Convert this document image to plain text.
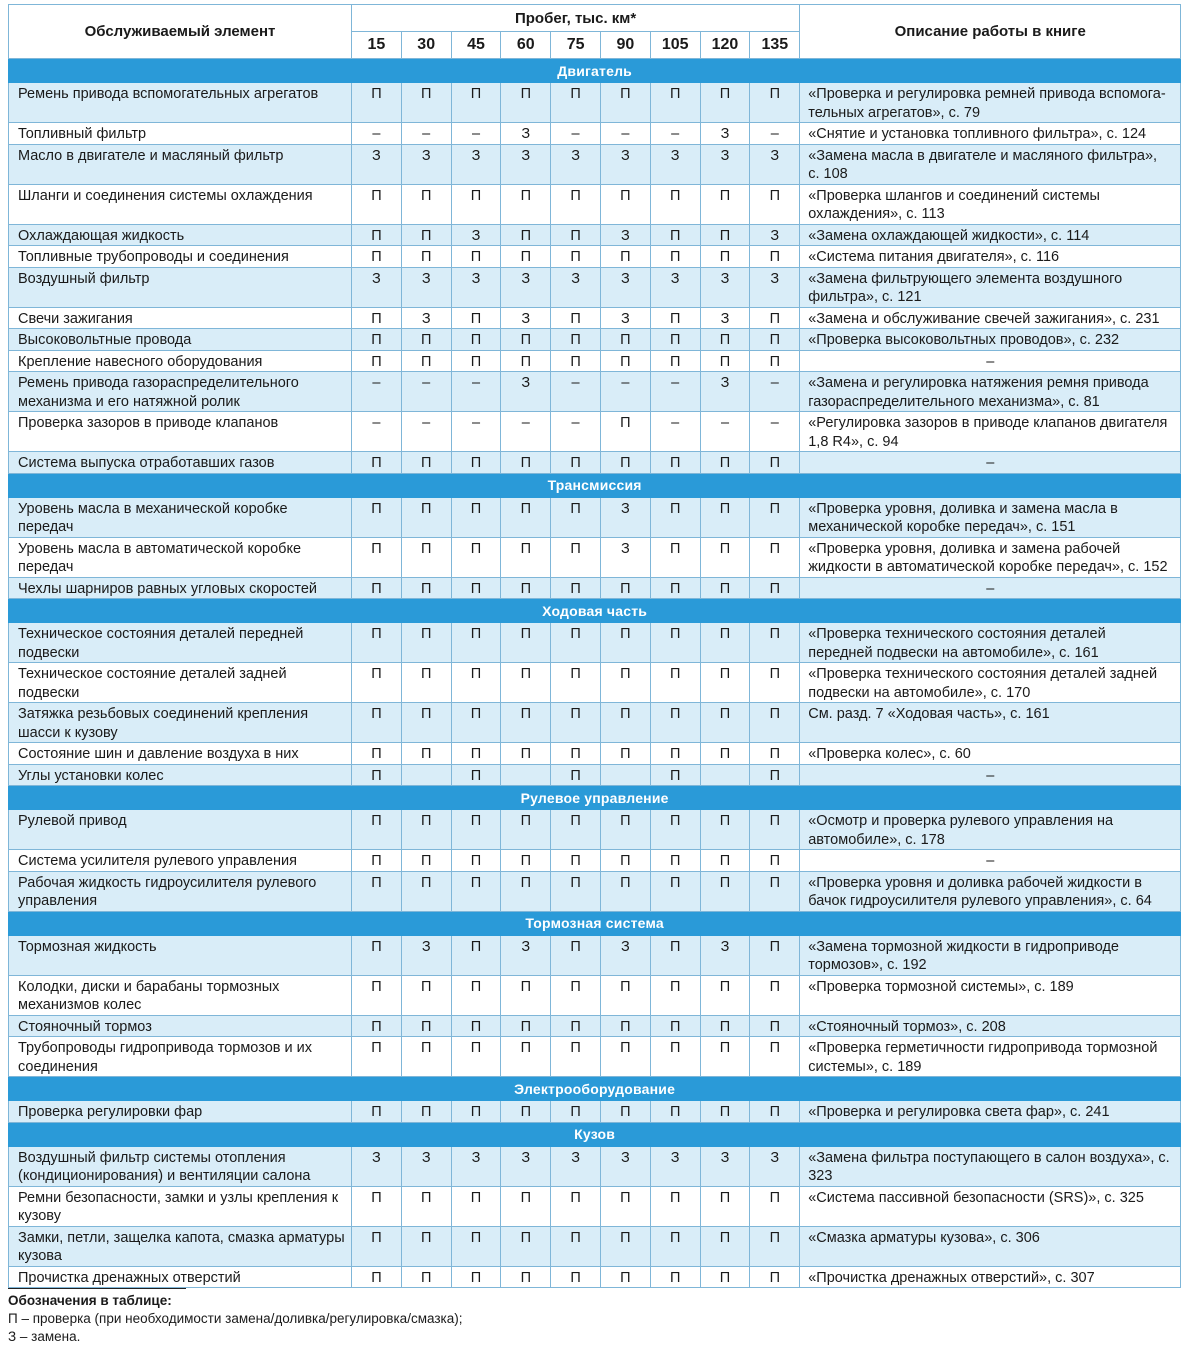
Обслуживаемый элемент	Пробег, тыс. км*									Описание работы в книге
	15	30	45	60	75	90	105	120	135	
Двигатель										
Ремень привода вспомогательных агрегатов	П	П	П	П	П	П	П	П	П	«Проверка и регулировка ремней привода вспомога-тельных агрегатов», с. 79
Топливный фильтр	–	–	–	З	–	–	–	З	–	«Снятие и установка топливного фильтра», с. 124
Масло в двигателе и масляный фильтр	З	З	З	З	З	З	З	З	З	«Замена масла в двигателе и масляного фильтра», с. 108
Шланги и соединения системы охлаждения	П	П	П	П	П	П	П	П	П	«Проверка шлангов и соединений системы охлаждения», с. 113
Охлаждающая жидкость	П	П	З	П	П	З	П	П	З	«Замена охлаждающей жидкости», с. 114
Топливные трубопроводы и соединения	П	П	П	П	П	П	П	П	П	«Система питания двигателя», с. 116
Воздушный фильтр	З	З	З	З	З	З	З	З	З	«Замена фильтрующего элемента воздушного фильтра», с. 121
Свечи зажигания	П	З	П	З	П	З	П	З	П	«Замена и обслуживание свечей зажигания», с. 231
Высоковольтные провода	П	П	П	П	П	П	П	П	П	«Проверка высоковольтных проводов», с. 232
Крепление навесного оборудования	П	П	П	П	П	П	П	П	П	–
Ремень привода газораспределительного механизма и его натяжной ролик	–	–	–	З	–	–	–	З	–	«Замена и регулировка натяжения ремня привода газораспределительного механизма», с. 81
Проверка зазоров в приводе клапанов	–	–	–	–	–	П	–	–	–	«Регулировка зазоров в приводе клапанов двигателя 1,8 R4», с. 94
Система выпуска отработавших газов	П	П	П	П	П	П	П	П	П	–
Трансмиссия										
Уровень масла в механической коробке передач	П	П	П	П	П	З	П	П	П	«Проверка уровня, доливка и замена масла в механической коробке передач», с. 151
Уровень масла в автоматической коробке передач	П	П	П	П	П	З	П	П	П	«Проверка уровня, доливка и замена рабочей жидкости в автоматической коробке передач», с. 152
Чехлы шарниров равных угловых скоростей	П	П	П	П	П	П	П	П	П	–
Ходовая часть										
Техническое состояния деталей передней подвески	П	П	П	П	П	П	П	П	П	«Проверка технического состояния деталей передней подвески на автомобиле», с. 161
Техническое состояние деталей задней подвески	П	П	П	П	П	П	П	П	П	«Проверка технического состояния деталей задней подвески на автомобиле», с. 170
Затяжка резьбовых соединений крепления шасси к кузову	П	П	П	П	П	П	П	П	П	См. разд. 7 «Ходовая часть», с. 161
Состояние шин и давление воздуха в них	П	П	П	П	П	П	П	П	П	«Проверка колес», с. 60
Углы установки колес	П		П		П		П		П	–
Рулевое управление										
Рулевой привод	П	П	П	П	П	П	П	П	П	«Осмотр и проверка рулевого управления на автомобиле», с. 178
Система усилителя рулевого управления	П	П	П	П	П	П	П	П	П	–
Рабочая жидкость гидроусилителя рулевого управления	П	П	П	П	П	П	П	П	П	«Проверка уровня и доливка рабочей жидкости в бачок гидроусилителя рулевого управления», с. 64
Тормозная система										
Тормозная жидкость	П	З	П	З	П	З	П	З	П	«Замена тормозной жидкости в гидроприводе тормозов», с. 192
Колодки, диски и барабаны тормозных механизмов колес	П	П	П	П	П	П	П	П	П	«Проверка тормозной системы», с. 189
Стояночный тормоз	П	П	П	П	П	П	П	П	П	«Стояночный тормоз», с. 208
Трубопроводы гидропривода тормозов и их соединения	П	П	П	П	П	П	П	П	П	«Проверка герметичности гидропривода тормозной системы», с. 189
Электрооборудование										
Проверка регулировки фар	П	П	П	П	П	П	П	П	П	«Проверка и регулировка света фар», с. 241
Кузов										
Воздушный фильтр системы отопления (кондиционирования) и вентиляции салона	З	З	З	З	З	З	З	З	З	«Замена фильтра поступающего в салон воздуха», с. 323
Ремни безопасности, замки и узлы крепления к кузову	П	П	П	П	П	П	П	П	П	«Система пассивной безопасности (SRS)», с. 325
Замки, петли, защелка капота, смазка арматуры кузова	П	П	П	П	П	П	П	П	П	«Смазка арматуры кузова», с. 306
Прочистка дренажных отверстий	П	П	П	П	П	П	П	П	П	«Прочистка дренажных отверстий», с. 307
Обозначения в таблице:
П – проверка (при необходимости замена/доливка/регулировка/смазка);
З – замена.
